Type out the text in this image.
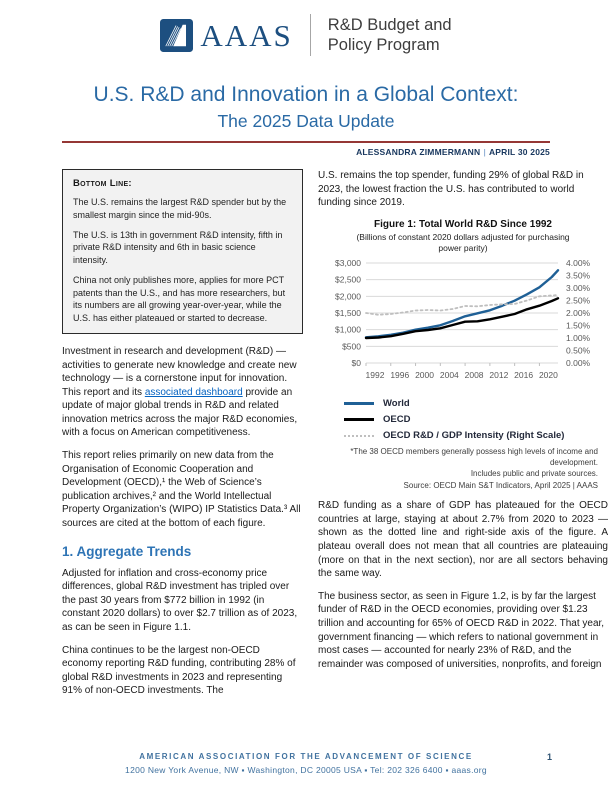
AAAS R&D Budget and
Policy Program
U.S. R&D and Innovation in a Global Context:
The 2025 Data Update
ALESSANDRA ZIMMERMANN | APRIL 30 2025
Bottom Line:

The U.S. remains the largest R&D spender but by the smallest margin since the mid-90s.

The U.S. is 13th in government R&D intensity, fifth in private R&D intensity and 6th in basic science intensity.

China not only publishes more, applies for more PCT patents than the U.S., and has more researchers, but its numbers are all growing year-over-year, while the U.S. has either plateaued or started to decrease.

Investment in research and development (R&D) — activities to generate new knowledge and create new technology — is a cornerstone input for innovation. This report and its associated dashboard provide an update of major global trends in R&D and related innovation metrics across the major R&D economies, with a focus on American competitiveness.

This report relies primarily on new data from the Organisation of Economic Cooperation and Development (OECD),¹ the Web of Science’s publication archives,² and the World Intellectual Property Organization’s (WIPO) IP Statistics Data.³ All sources are cited at the bottom of each figure.

1. Aggregate Trends

Adjusted for inflation and cross-economy price differences, global R&D investment has tripled over the past 30 years from $772 billion in 1992 (in constant 2020 dollars) to over $2.7 trillion as of 2023, as can be seen in Figure 1.1.

China continues to be the largest non-OECD economy reporting R&D funding, contributing 28% of global R&D investments in 2023 and representing 91% of non-OECD investments. The

U.S. remains the top spender, funding 29% of global R&D in 2023, the lowest fraction the U.S. has contributed to world funding since 2019.

Figure 1: Total World R&D Since 1992
(Billions of constant 2020 dollars adjusted for purchasing power parity)
$0
$500
$1,000
$1,500
$2,000
$2,500
$3,000
0.00%
0.50%
1.00%
1.50%
2.00%
2.50%
3.00%
3.50%
4.00%
1992 1996 2000 2004 2008 2012 2016 2020
World
OECD
OECD R&D / GDP Intensity (Right Scale)
*The 38 OECD members generally possess high levels of income and development.
Includes public and private sources.
Source: OECD Main S&T Indicators, April 2025 | AAAS

R&D funding as a share of GDP has plateaued for the OECD countries at large, staying at about 2.7% from 2020 to 2023 — shown as the dotted line and right-side axis of the figure. A plateau overall does not mean that all countries are plateauing (more on that in the next section), nor are all sectors behaving the same way.

The business sector, as seen in Figure 1.2, is by far the largest funder of R&D in the OECD economies, providing over $1.23 trillion and accounting for 65% of OECD R&D in 2022. That year, government financing — which refers to national government in most cases — accounted for nearly 23% of R&D, and the remainder was composed of universities, nonprofits, and foreign

AMERICAN ASSOCIATION FOR THE ADVANCEMENT OF SCIENCE
1200 New York Avenue, NW ▪ Washington, DC 20005 USA ▪ Tel: 202 326 6400 ▪ aaas.org
1
